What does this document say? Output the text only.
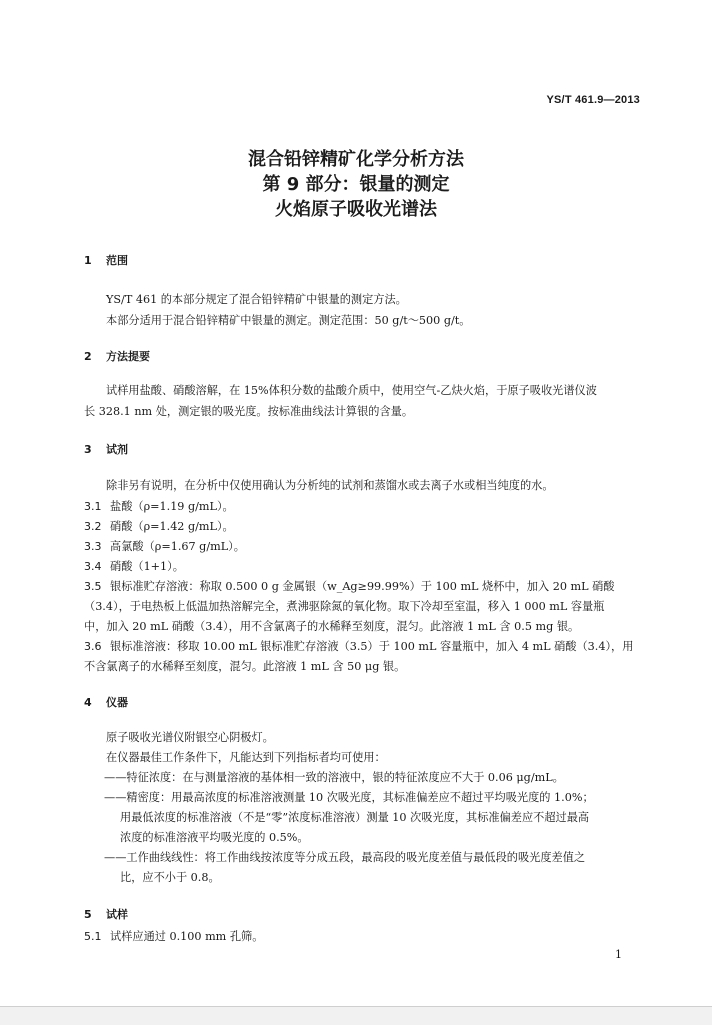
YS/T 461.9—2013
混合铅锌精矿化学分析方法
第 9 部分：银量的测定
火焰原子吸收光谱法
1 范围
YS/T 461 的本部分规定了混合铅锌精矿中银量的测定方法。
本部分适用于混合铅锌精矿中银量的测定。测定范围：50 g/t～500 g/t。
2 方法提要
试样用盐酸、硝酸溶解，在 15%体积分数的盐酸介质中，使用空气-乙炔火焰，于原子吸收光谱仪波
长 328.1 nm 处，测定银的吸光度。按标准曲线法计算银的含量。
3 试剂
除非另有说明，在分析中仅使用确认为分析纯的试剂和蒸馏水或去离子水或相当纯度的水。
3.1 盐酸（ρ=1.19 g/mL）。
3.2 硝酸（ρ=1.42 g/mL）。
3.3 高氯酸（ρ=1.67 g/mL）。
3.4 硝酸（1+1）。
3.5 银标准贮存溶液：称取 0.500 0 g 金属银（w_Ag≥99.99%）于 100 mL 烧杯中，加入 20 mL 硝酸
（3.4），于电热板上低温加热溶解完全，煮沸驱除氮的氧化物。取下冷却至室温，移入 1 000 mL 容量瓶
中，加入 20 mL 硝酸（3.4），用不含氯离子的水稀释至刻度，混匀。此溶液 1 mL 含 0.5 mg 银。
3.6 银标准溶液：移取 10.00 mL 银标准贮存溶液（3.5）于 100 mL 容量瓶中，加入 4 mL 硝酸（3.4），用
不含氯离子的水稀释至刻度，混匀。此溶液 1 mL 含 50 μg 银。
4 仪器
原子吸收光谱仪附银空心阴极灯。
在仪器最佳工作条件下，凡能达到下列指标者均可使用：
——特征浓度：在与测量溶液的基体相一致的溶液中，银的特征浓度应不大于 0.06 μg/mL。
——精密度：用最高浓度的标准溶液测量 10 次吸光度，其标准偏差应不超过平均吸光度的 1.0%；
用最低浓度的标准溶液（不是“零”浓度标准溶液）测量 10 次吸光度，其标准偏差应不超过最高
浓度的标准溶液平均吸光度的 0.5%。
——工作曲线线性：将工作曲线按浓度等分成五段，最高段的吸光度差值与最低段的吸光度差值之
比，应不小于 0.8。
5 试样
5.1 试样应通过 0.100 mm 孔筛。
1
